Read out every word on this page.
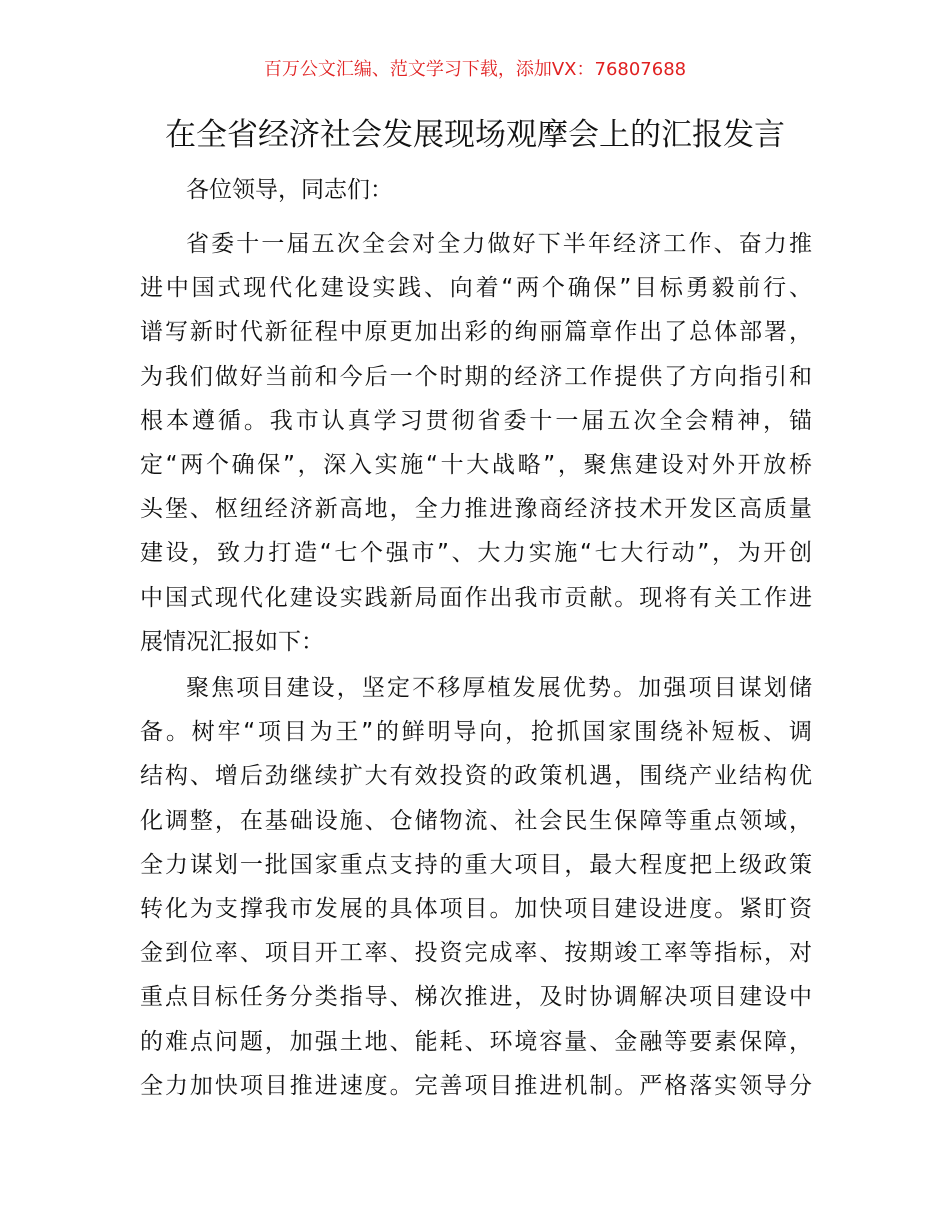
百万公文汇编、范文学习下载，添加VX：76807688
在全省经济社会发展现场观摩会上的汇报发言
各位领导，同志们：
省委十一届五次全会对全力做好下半年经济工作、奋力推
进中国式现代化建设实践、向着“两个确保”目标勇毅前行、
谱写新时代新征程中原更加出彩的绚丽篇章作出了总体部署，
为我们做好当前和今后一个时期的经济工作提供了方向指引和
根本遵循。我市认真学习贯彻省委十一届五次全会精神，锚
定“两个确保”，深入实施“十大战略”，聚焦建设对外开放桥
头堡、枢纽经济新高地，全力推进豫商经济技术开发区高质量
建设，致力打造“七个强市”、大力实施“七大行动”，为开创
中国式现代化建设实践新局面作出我市贡献。现将有关工作进
展情况汇报如下：
聚焦项目建设，坚定不移厚植发展优势。加强项目谋划储
备。树牢“项目为王”的鲜明导向，抢抓国家围绕补短板、调
结构、增后劲继续扩大有效投资的政策机遇，围绕产业结构优
化调整，在基础设施、仓储物流、社会民生保障等重点领域，
全力谋划一批国家重点支持的重大项目，最大程度把上级政策
转化为支撑我市发展的具体项目。加快项目建设进度。紧盯资
金到位率、项目开工率、投资完成率、按期竣工率等指标，对
重点目标任务分类指导、梯次推进，及时协调解决项目建设中
的难点问题，加强土地、能耗、环境容量、金融等要素保障，
全力加快项目推进速度。完善项目推进机制。严格落实领导分
